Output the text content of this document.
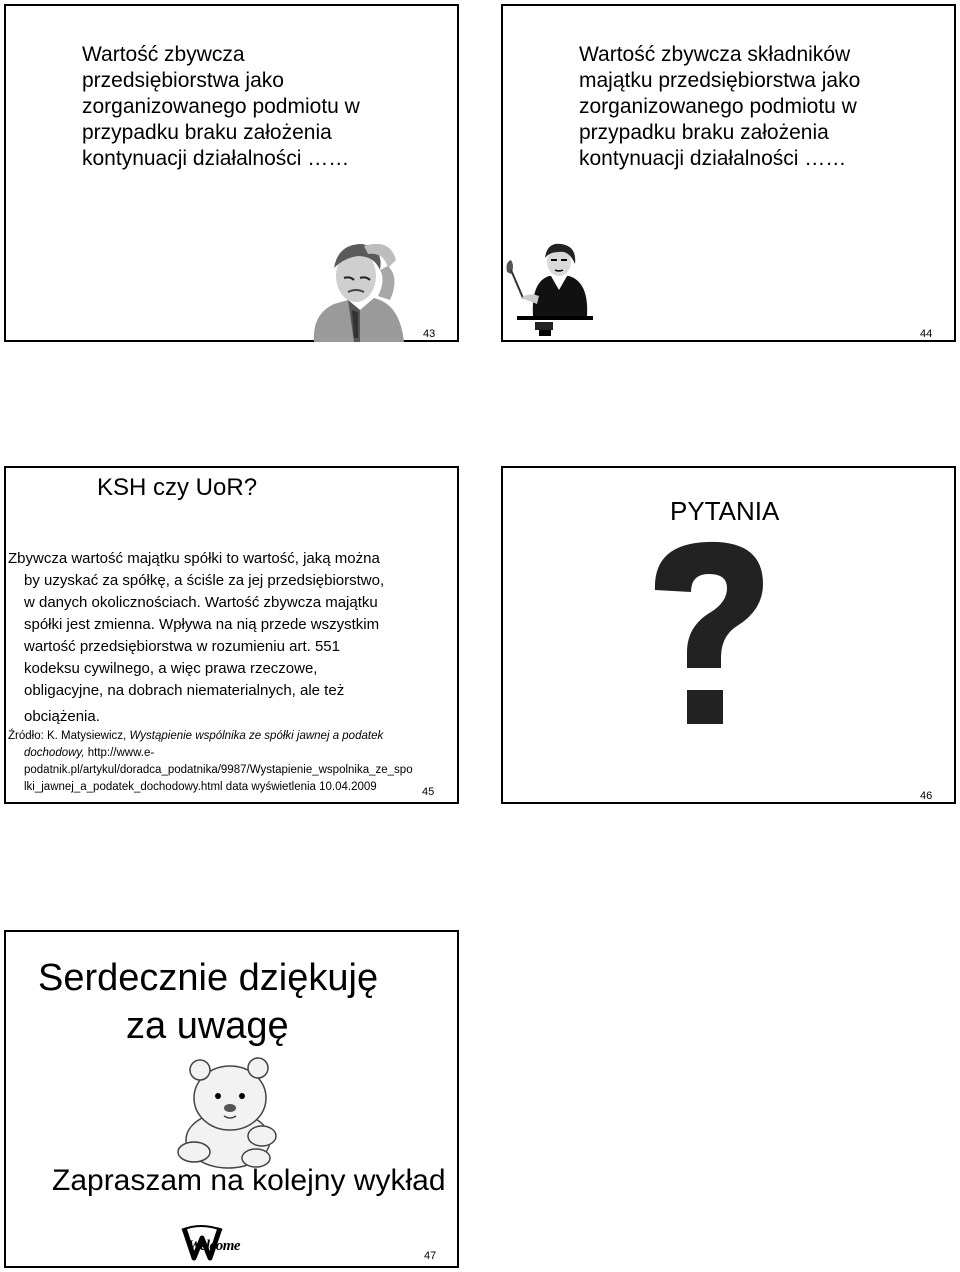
Wartość zbywcza
przedsiębiorstwa jako
zorganizowanego podmiotu w
przypadku braku założenia
kontynuacji działalności ……
43
Wartość zbywcza składników
majątku przedsiębiorstwa jako
zorganizowanego podmiotu w
przypadku braku założenia
kontynuacji działalności ……
44
KSH czy UoR?
Zbywcza wartość majątku spółki to wartość, jaką można
by uzyskać za spółkę, a ściśle za jej przedsiębiorstwo,
w danych okolicznościach. Wartość zbywcza majątku
spółki jest zmienna. Wpływa na nią przede wszystkim
wartość przedsiębiorstwa w rozumieniu art. 551
kodeksu cywilnego, a więc prawa rzeczowe,
obligacyjne, na dobrach niematerialnych, ale też
obciążenia.
Źródło: K. Matysiewicz, Wystąpienie wspólnika ze spółki jawnej a podatek
dochodowy, http://www.e-
podatnik.pl/artykul/doradca_podatnika/9987/Wystapienie_wspolnika_ze_spo
lki_jawnej_a_podatek_dochodowy.html data wyświetlenia 10.04.2009	45
PYTANIA
46
Serdecznie dziękuję
za uwagę
Zapraszam na kolejny wykład
Welcome
47
